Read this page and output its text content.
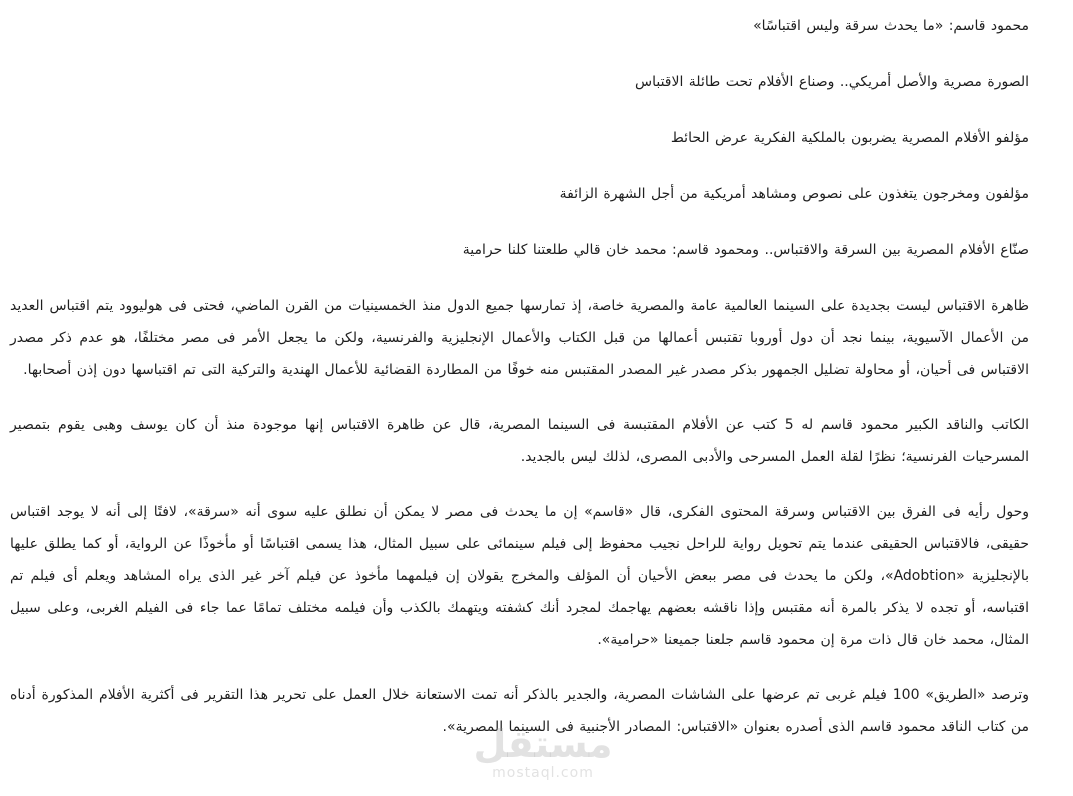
محمود قاسم: «ما يحدث سرقة وليس اقتباسًا»

الصورة مصرية والأصل أمريكي.. وصناع الأفلام تحت طائلة الاقتباس

مؤلفو الأفلام المصرية يضربون بالملكية الفكرية عرض الحائط

مؤلفون ومخرجون يتغذون على نصوص ومشاهد أمريكية من أجل الشهرة الزائفة

صنّاع الأفلام المصرية بين السرقة والاقتباس.. ومحمود قاسم: محمد خان قالي طلعتنا كلنا حرامية

ظاهرة الاقتباس ليست بجديدة على السينما العالمية عامة والمصرية خاصة، إذ تمارسها جميع الدول منذ الخمسينيات من القرن الماضي، فحتى فى هوليوود يتم اقتباس العديد من الأعمال الآسيوية، بينما نجد أن دول أوروبا تقتبس أعمالها من قبل الكتاب والأعمال الإنجليزية والفرنسية، ولكن ما يجعل الأمر فى مصر مختلفًا، هو عدم ذكر مصدر الاقتباس فى أحيان، أو محاولة تضليل الجمهور بذكر مصدر غير المصدر المقتبس منه خوفًا من المطاردة القضائية للأعمال الهندية والتركية التى تم اقتباسها دون إذن أصحابها.

الكاتب والناقد الكبير محمود قاسم له 5 كتب عن الأفلام المقتبسة فى السينما المصرية، قال عن ظاهرة الاقتباس إنها موجودة منذ أن كان يوسف وهبى يقوم بتمصير المسرحيات الفرنسية؛ نظرًا لقلة العمل المسرحى والأدبى المصرى، لذلك ليس بالجديد.

وحول رأيه فى الفرق بين الاقتباس وسرقة المحتوى الفكرى، قال «قاسم» إن ما يحدث فى مصر لا يمكن أن نطلق عليه سوى أنه «سرقة»، لافتًا إلى أنه لا يوجد اقتباس حقيقى، فالاقتباس الحقيقى عندما يتم تحويل رواية للراحل نجيب محفوظ إلى فيلم سينمائى على سبيل المثال، هذا يسمى اقتباسًا أو مأخوذًا عن الرواية، أو كما يطلق عليها بالإنجليزية «Adobtion»، ولكن ما يحدث فى مصر ببعض الأحيان أن المؤلف والمخرج يقولان إن فيلمهما مأخوذ عن فيلم آخر غير الذى يراه المشاهد ويعلم أى فيلم تم اقتباسه، أو تجده لا يذكر بالمرة أنه مقتبس وإذا ناقشه بعضهم يهاجمك لمجرد أنك كشفته ويتهمك بالكذب وأن فيلمه مختلف تمامًا عما جاء فى الفيلم الغربى، وعلى سبيل المثال، محمد خان قال ذات مرة إن محمود قاسم جلعنا جميعنا «حرامية».

وترصد «الطريق» 100 فيلم غربى تم عرضها على الشاشات المصرية، والجدير بالذكر أنه تمت الاستعانة خلال العمل على تحرير هذا التقرير فى أكثرية الأفلام المذكورة أدناه من كتاب الناقد محمود قاسم الذى أصدره بعنوان «الاقتباس: المصادر الأجنبية فى السينما المصرية».

مستقل
mostaql.com
